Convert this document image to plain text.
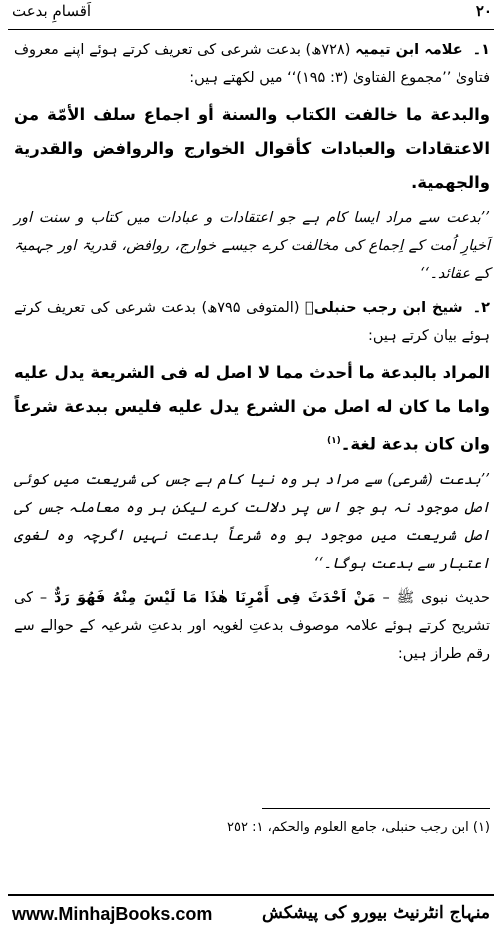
۲۰
اَقسامِ بدعت
١۔علامہ ابن تیمیہ (۷۲۸ھ) بدعت شرعی کی تعریف کرتے ہوئے اپنے معروف فتاویٰ ’’مجموع الفتاویٰ (۳: ۱۹۵)‘‘ میں لکھتے ہیں:
والبدعة ما خالفت الكتاب والسنة أو اجماع سلف الأمّة من الاعتقادات والعبادات كأقوال الخوارج والروافض والقدرية والجهمية.
’’بدعت سے مراد ایسا کام ہے جو اعتقادات و عبادات میں کتاب و سنت اور اَخیارِ اُمت کے اِجماع کی مخالفت کرے جیسے خوارج، روافض، قدریۃ اور جہمیۃ کے عقائد۔‘‘
٢۔شیخ ابن رجب حنبلیؒ (المتوفی ۷۹۵ھ) بدعت شرعی کی تعریف کرتے ہوئے بیان کرتے ہیں:
المراد بالبدعة ما أحدث مما لا اصل له فی الشريعة يدل عليه واما ما كان له اصل من الشرع يدل عليه فليس ببدعة شرعاً وان كان بدعة لغة۔$^{(١)}$
’’بدعت (شرعی) سے مراد ہر وہ نیا کام ہے جس کی شریعت میں کوئی اصل موجود نہ ہو جو اس پر دلالت کرے لیکن ہر وہ معاملہ جس کی اصل شریعت میں موجود ہو وہ شرعاً بدعت نہیں اگرچہ وہ لغوی اعتبار سے بدعت ہوگا۔‘‘
حدیث نبوی ﷺ – مَنْ اَحْدَثَ فِی أَمْرِنَا هٰذَا مَا لَيْسَ مِنْهُ فَهُوَ رَدٌّ – کی تشریح کرتے ہوئے علامہ موصوف بدعتِ لغویہ اور بدعتِ شرعیہ کے حوالے سے رقم طراز ہیں:
(١) ابن رجب حنبلی، جامع العلوم والحکم، ١: ٢٥٢
www.MinhajBooks.com	منہاج انٹرنیٹ بیورو کی پیشکش
